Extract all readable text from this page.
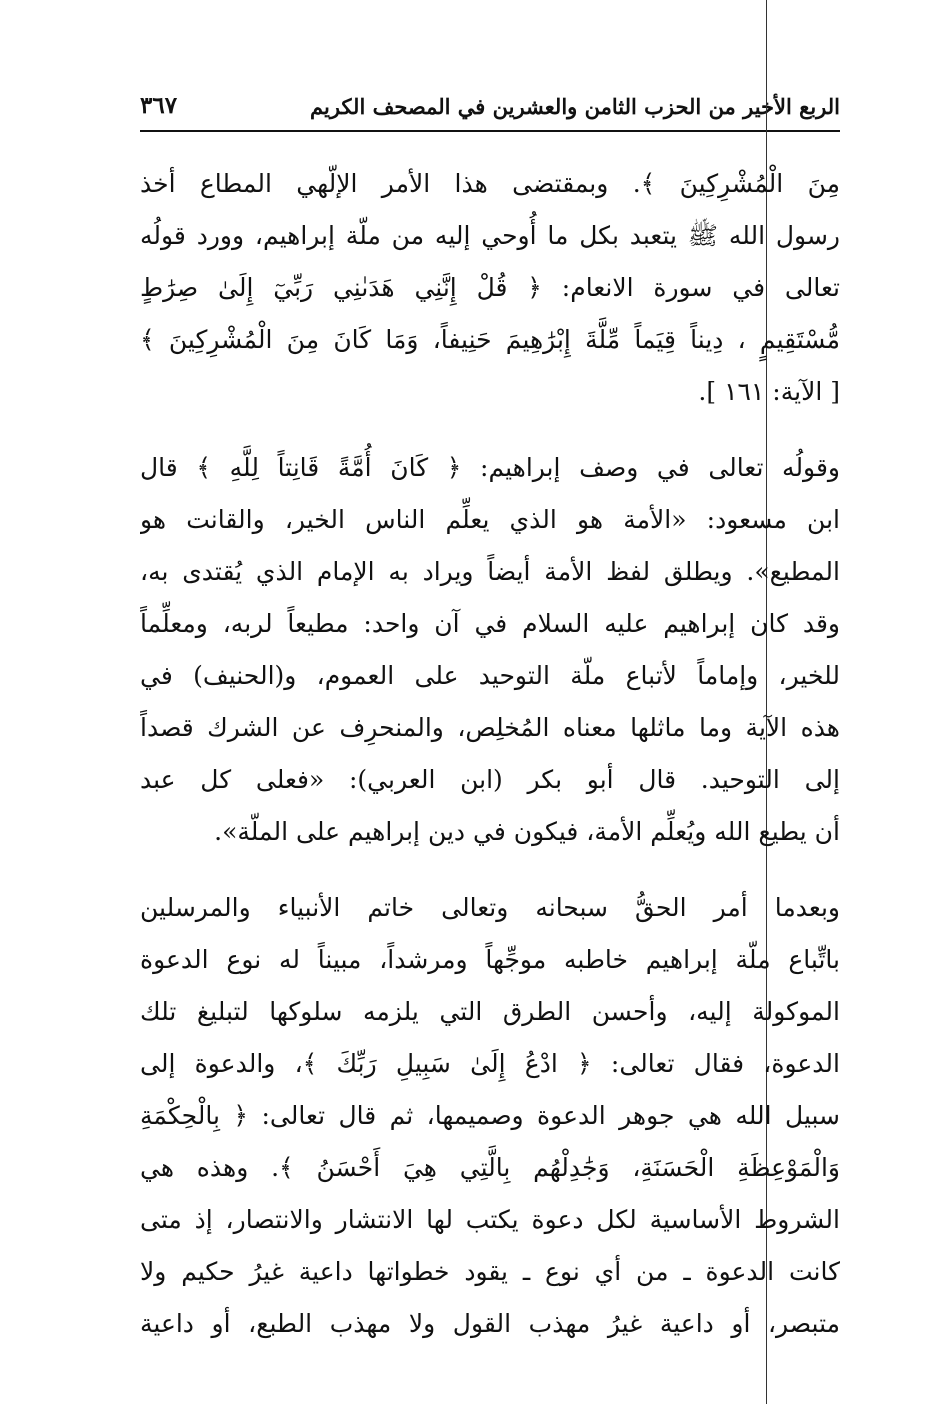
الربع الأخير من الحزب الثامن والعشرين في المصحف الكريم
٣٦٧
مِنَ الْمُشْرِكِينَ ﴾. وبمقتضى هذا الأمر الإلّهي المطاع أخذ
رسول الله ﷺ يتعبد بكل ما أُوحي إليه من ملّة إبراهيم، وورد قولُه
تعالى في سورة الانعام: ﴿ قُلْ إِنَّنِي هَدَىٰنِي رَبِّيٓ إِلَىٰ صِرَٰطٍ
مُّسْتَقِيمٍ ، دِيناً قِيَماً مِّلَّةَ إِبْرَٰهِيمَ حَنِيفاً، وَمَا كَانَ مِنَ الْمُشْرِكِينَ ﴾
[ الآية: ١٦١ ].
وقولُه تعالى في وصف إبراهيم: ﴿ كَانَ أُمَّةً قَانِتاً لِلَّهِ ﴾ قال
ابن مسعود: «الأمة هو الذي يعلِّم الناس الخير، والقانت هو
المطيع». ويطلق لفظ الأمة أيضاً ويراد به الإمام الذي يُقتدى به،
وقد كان إبراهيم عليه السلام في آن واحد: مطيعاً لربه، ومعلِّماً
للخير، وإماماً لأتباع ملّة التوحيد على العموم، و(الحنيف) في
هذه الآية وما ماثلها معناه المُخلِص، والمنحرِف عن الشرك قصداً
إلى التوحيد. قال أبو بكر (ابن العربي): «فعلى كل عبد
أن يطيع الله ويُعلِّم الأمة، فيكون في دين إبراهيم على الملّة».
وبعدما أمر الحقُّ سبحانه وتعالى خاتم الأنبياء والمرسلين
باتِّباع ملّة إبراهيم خاطبه موجِّهاً ومرشداً، مبيناً له نوع الدعوة
الموكولة إليه، وأحسن الطرق التي يلزمه سلوكها لتبليغ تلك
الدعوة، فقال تعالى: ﴿ ادْعُ إِلَىٰ سَبِيلِ رَبِّكَ ﴾، والدعوة إلى
سبيل الله هي جوهر الدعوة وصميمها، ثم قال تعالى: ﴿ بِالْحِكْمَةِ
وَالْمَوْعِظَةِ الْحَسَنَةِ، وَجَٰدِلْهُم بِالَّتِي هِيَ أَحْسَنُ ﴾. وهذه هي
الشروط الأساسية لكل دعوة يكتب لها الانتشار والانتصار، إذ متى
كانت الدعوة ـ من أي نوع ـ يقود خطواتها داعية غيرُ حكيم ولا
متبصر، أو داعية غيرُ مهذب القول ولا مهذب الطبع، أو داعية
